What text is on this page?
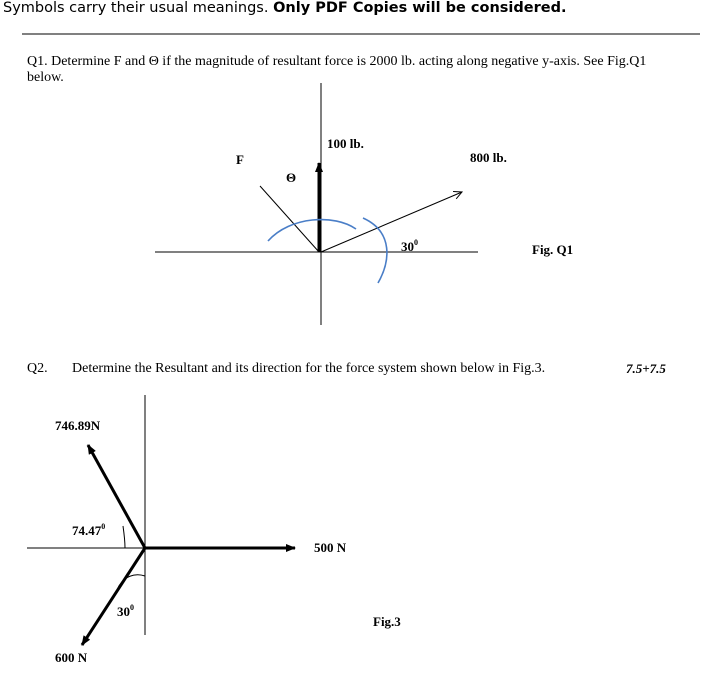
Symbols carry their usual meanings. Only PDF Copies will be considered.
Q1. Determine F and Θ if the magnitude of resultant force is 2000 lb. acting along negative y-axis. See Fig.Q1
below.
F
Θ
100 lb.
800 lb.
$30^0$	Fig. Q1
Q2. Determine the Resultant and its direction for the force system shown below in Fig.3.	7.5+7.5
746.89N
74.47$^0$
500 N
$30^0$
Fig.3
600 N
